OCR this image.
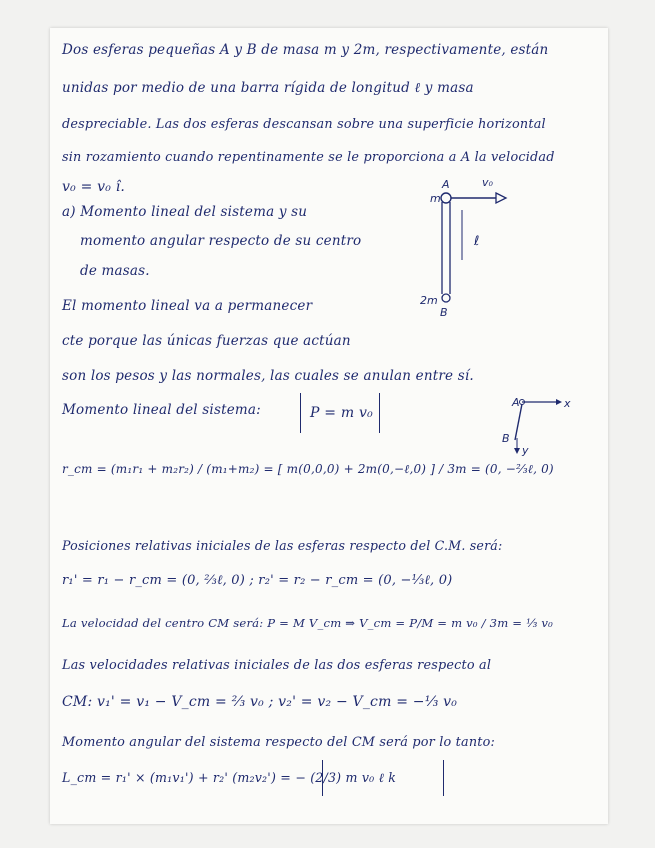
Dos esferas pequeñas A y B de masa m y 2m, respectivamente, están
unidas por medio de una barra rígida de longitud ℓ y masa
despreciable. Las dos esferas descansan sobre una superficie horizontal
sin rozamiento cuando repentinamente se le proporciona a A la velocidad
v₀ = v₀ î.
a) Momento lineal del sistema y su
momento angular respecto de su centro
de masas.
El momento lineal va a permanecer
cte porque las únicas fuerzas que actúan
son los pesos y las normales, las cuales se anulan entre sí.
Momento lineal del sistema:	P = m v₀
r_cm = (m₁r₁ + m₂r₂) / (m₁+m₂) = [ m(0,0,0) + 2m(0,−ℓ,0) ] / 3m = (0, −⅔ℓ, 0)
Posiciones relativas iniciales de las esferas respecto del C.M. será:
r₁' = r₁ − r_cm = (0, ⅔ℓ, 0) ; r₂' = r₂ − r_cm = (0, −⅓ℓ, 0)
La velocidad del centro CM será: P = M V_cm ⇒ V_cm = P/M = m v₀ / 3m = ⅓ v₀
Las velocidades relativas iniciales de las dos esferas respecto al
CM: v₁' = v₁ − V_cm = ⅔ v₀ ; v₂' = v₂ − V_cm = −⅓ v₀
Momento angular del sistema respecto del CM será por lo tanto:
L_cm = r₁' × (m₁v₁') + r₂' (m₂v₂') = − (2/3) m v₀ ℓ k
A	v₀
m
ℓ
2m
B
A	x
B
y
